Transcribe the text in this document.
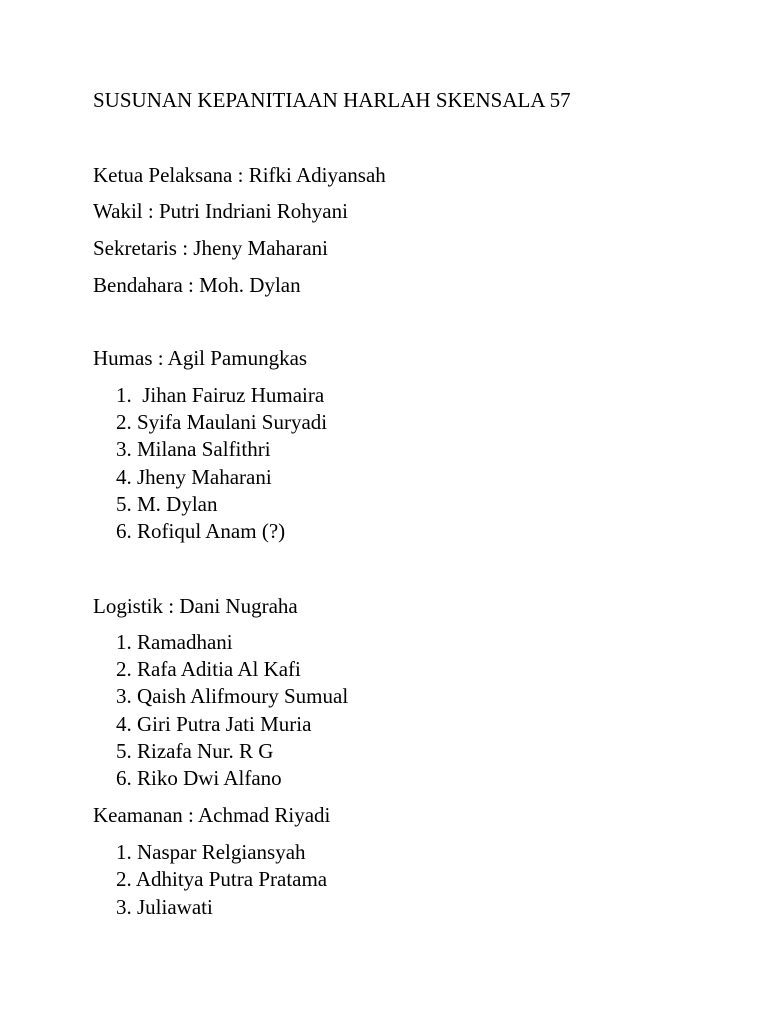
SUSUNAN KEPANITIAAN HARLAH SKENSALA 57
Ketua Pelaksana : Rifki Adiyansah
Wakil : Putri Indriani Rohyani
Sekretaris : Jheny Maharani
Bendahara : Moh. Dylan
Humas : Agil Pamungkas
1.  Jihan Fairuz Humaira
2. Syifa Maulani Suryadi
3. Milana Salfithri
4. Jheny Maharani
5. M. Dylan
6. Rofiqul Anam (?)
Logistik : Dani Nugraha
1. Ramadhani
2. Rafa Aditia Al Kafi
3. Qaish Alifmoury Sumual
4. Giri Putra Jati Muria
5. Rizafa Nur. R G
6. Riko Dwi Alfano
Keamanan : Achmad Riyadi
1. Naspar Relgiansyah
2. Adhitya Putra Pratama
3. Juliawati
